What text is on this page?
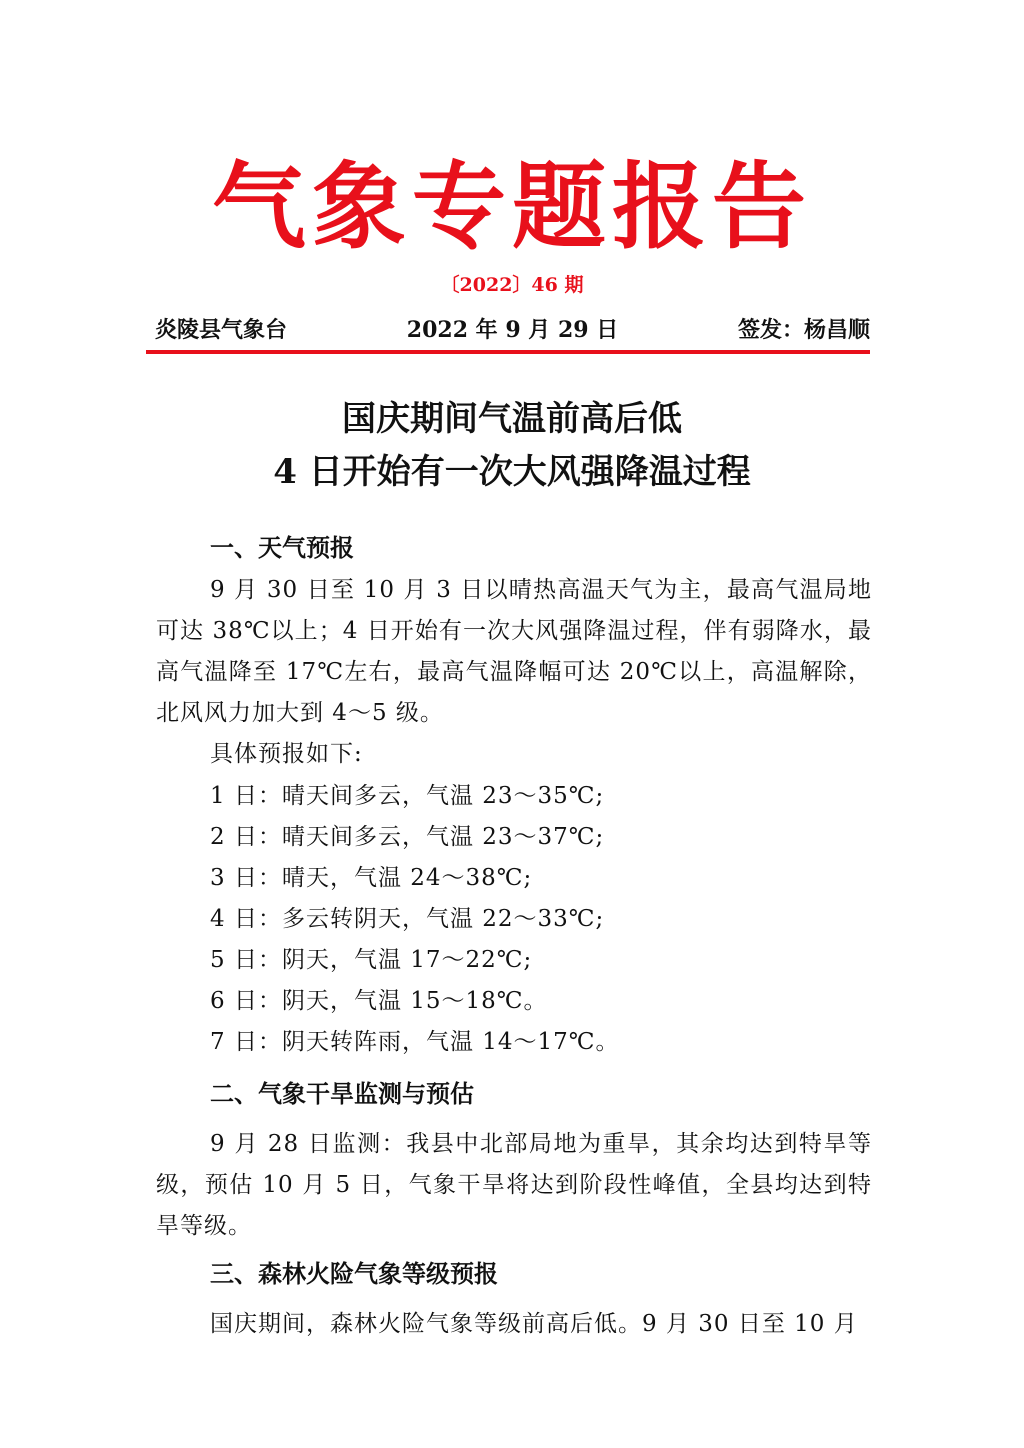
气象专题报告
〔2022〕46 期
炎陵县气象台	2022 年 9 月 29 日	签发：杨昌顺
国庆期间气温前高后低
4 日开始有一次大风强降温过程
一、天气预报

9 月 30 日至 10 月 3 日以晴热高温天气为主，最高气温局地可达 38℃以上；4 日开始有一次大风强降温过程，伴有弱降水，最高气温降至 17℃左右，最高气温降幅可达 20℃以上，高温解除，北风风力加大到 4～5 级。

具体预报如下:
1 日：晴天间多云，气温 23～35℃;
2 日：晴天间多云，气温 23～37℃;
3 日：晴天，气温 24～38℃;
4 日：多云转阴天，气温 22～33℃;
5 日：阴天，气温 17～22℃;
6 日：阴天，气温 15～18℃。
7 日：阴天转阵雨，气温 14～17℃。
二、气象干旱监测与预估

9 月 28 日监测：我县中北部局地为重旱，其余均达到特旱等级，预估 10 月 5 日，气象干旱将达到阶段性峰值，全县均达到特旱等级。

三、森林火险气象等级预报

国庆期间，森林火险气象等级前高后低。9 月 30 日至 10 月
